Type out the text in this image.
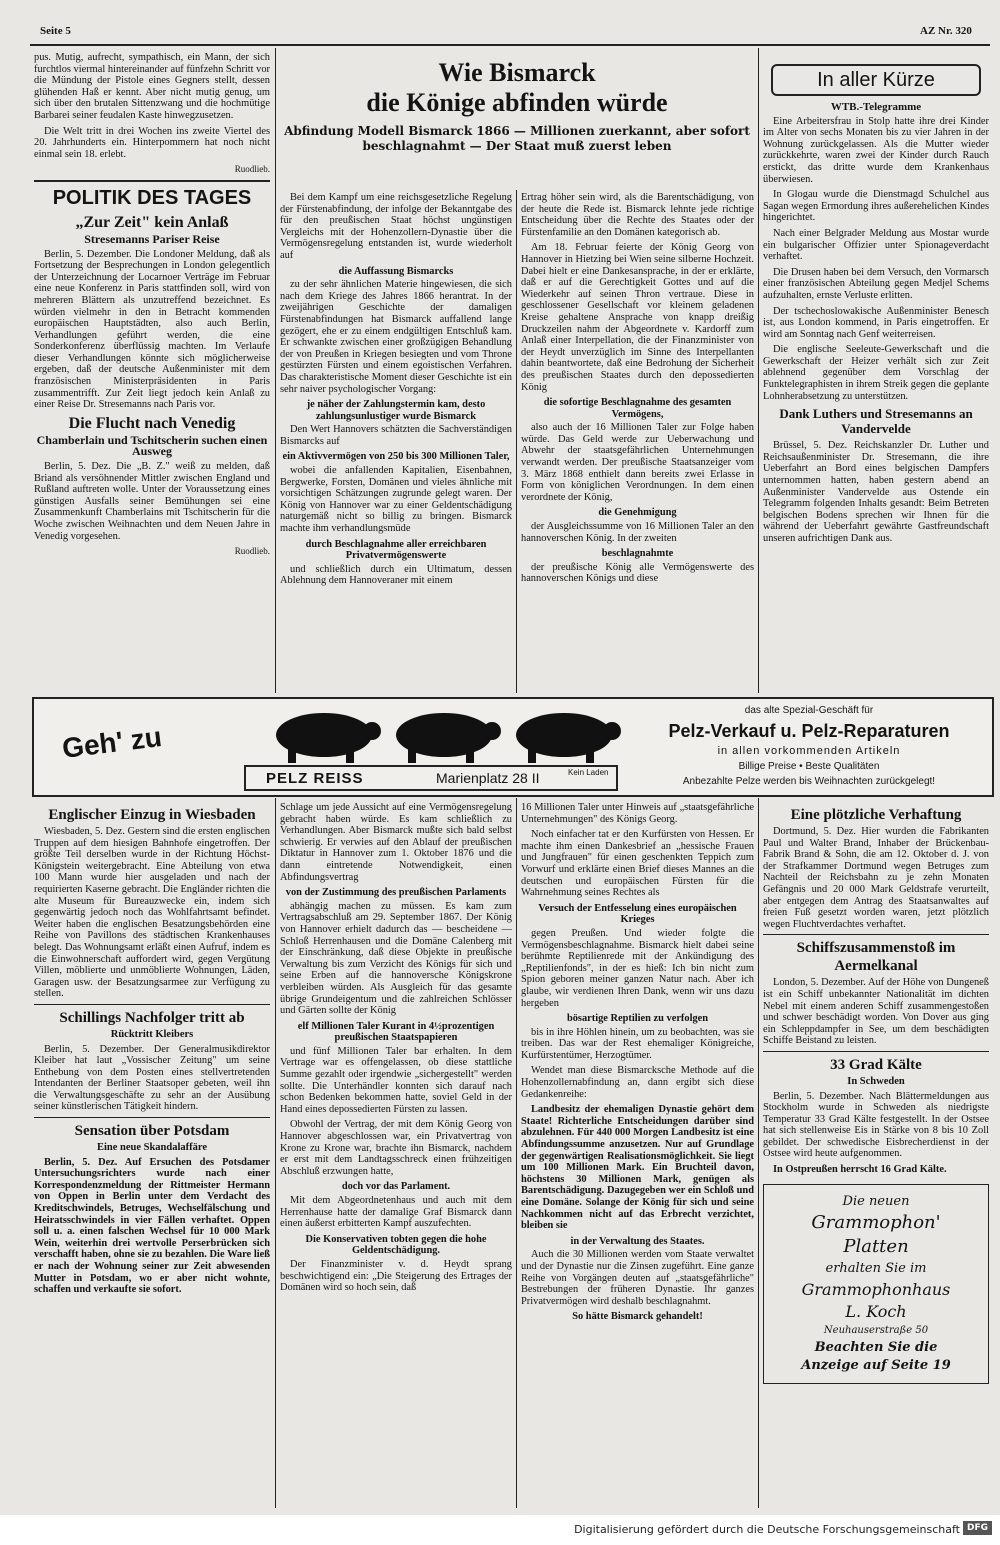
Seite 5	AZ Nr. 320

pus. Mutig, aufrecht, sympathisch, ein Mann, der sich furchtlos viermal hintereinander auf fünfzehn Schritt vor die Mündung der Pistole eines Gegners stellt, dessen glühenden Haß er kennt. Aber nicht mutig genug, um sich über den brutalen Sittenzwang und die hochmütige Barbarei seiner feudalen Kaste hinwegzusetzen.

Die Welt tritt in drei Wochen ins zweite Viertel des 20. Jahrhunderts ein. Hinterpommern hat noch nicht einmal sein 18. erlebt.

Ruodlieb.
POLITIK DES TAGES
„Zur Zeit" kein Anlaß
Stresemanns Pariser Reise

Berlin, 5. Dezember. Die Londoner Meldung, daß als Fortsetzung der Besprechungen in London gelegentlich der Unterzeichnung der Locarnoer Verträge im Februar eine neue Konferenz in Paris stattfinden soll, wird von mehreren Blättern als unzutreffend bezeichnet. Es würden vielmehr in den in Betracht kommenden europäischen Hauptstädten, also auch Berlin, Verhandlungen geführt werden, die eine Sonderkonferenz überflüssig machten. Im Verlaufe dieser Verhandlungen könnte sich möglicherweise ergeben, daß der deutsche Außenminister mit dem französischen Ministerpräsidenten in Paris zusammentrifft. Zur Zeit liegt jedoch kein Anlaß zu einer Reise Dr. Stresemanns nach Paris vor.

Die Flucht nach Venedig
Chamberlain und Tschitscherin suchen einen Ausweg

Berlin, 5. Dez. Die „B. Z." weiß zu melden, daß Briand als versöhnender Mittler zwischen England und Rußland auftreten wolle. Unter der Voraussetzung eines günstigen Ausfalls seiner Bemühungen sei eine Zusammenkunft Chamberlains mit Tschitscherin für die Woche zwischen Weihnachten und dem Neuen Jahre in Venedig vorgesehen.

Ruodlieb.
Wie Bismarck
die Könige abfinden würde
Abfindung Modell Bismarck 1866 — Millionen zuerkannt, aber sofort beschlagnahmt — Der Staat muß zuerst leben

Bei dem Kampf um eine reichsgesetzliche Regelung der Fürstenabfindung, der infolge der Bekanntgabe des für den preußischen Staat höchst ungünstigen Vergleichs mit der Hohenzollern-Dynastie über die Vermögensregelung entstanden ist, wurde wiederholt auf

die Auffassung Bismarcks

zu der sehr ähnlichen Materie hingewiesen, die sich nach dem Kriege des Jahres 1866 herantrat. In der zweijährigen Geschichte der damaligen Fürstenabfindungen hat Bismarck auffallend lange gezögert, ehe er zu einem endgültigen Entschluß kam. Er schwankte zwischen einer großzügigen Behandlung der von Preußen in Kriegen besiegten und vom Throne gestürzten Fürsten und einem egoistischen Verfahren. Das charakteristische Moment dieser Geschichte ist ein sehr naiver psychologischer Vorgang:

je näher der Zahlungstermin kam, desto zahlungsunlustiger wurde Bismarck

Den Wert Hannovers schätzten die Sachverständigen Bismarcks auf

ein Aktivvermögen von 250 bis 300 Millionen Taler,

wobei die anfallenden Kapitalien, Eisenbahnen, Bergwerke, Forsten, Domänen und vieles ähnliche mit vorsichtigen Schätzungen zugrunde gelegt waren. Der König von Hannover war zu einer Geldentschädigung naturgemäß nicht so billig zu bringen. Bismarck machte ihm verhandlungsmüde

durch Beschlagnahme aller erreichbaren Privatvermögenswerte

und schließlich durch ein Ultimatum, dessen Ablehnung dem Hannoveraner mit einem

Ertrag höher sein wird, als die Barentschädigung, von der heute die Rede ist. Bismarck lehnte jede richtige Entscheidung über die Rechte des Staates oder der Fürstenfamilie an den Domänen kategorisch ab.

Am 18. Februar feierte der König Georg von Hannover in Hietzing bei Wien seine silberne Hochzeit. Dabei hielt er eine Dankesansprache, in der er erklärte, daß er auf die Gerechtigkeit Gottes und auf die Wiederkehr auf seinen Thron vertraue. Diese in geschlossener Gesellschaft vor kleinem geladenen Kreise gehaltene Ansprache von knapp dreißig Druckzeilen nahm der Abgeordnete v. Kardorff zum Anlaß einer Interpellation, die der Finanzminister von der Heydt unverzüglich im Sinne des Interpellanten dahin beantwortete, daß eine Bedrohung der Sicherheit des preußischen Staates durch den depossedierten König

die sofortige Beschlagnahme des gesamten Vermögens,

also auch der 16 Millionen Taler zur Folge haben würde. Das Geld werde zur Ueberwachung und Abwehr der staatsgefährlichen Unternehmungen verwandt werden. Der preußische Staatsanzeiger vom 3. März 1868 enthielt dann bereits zwei Erlasse in Form von königlichen Verordnungen. In dem einen verordnete der König,

die Genehmigung

der Ausgleichssumme von 16 Millionen Taler an den hannoverschen König. In der zweiten

beschlagnahmte

der preußische König alle Vermögenswerte des hannoverschen Königs und diese

In aller Kürze
WTB.-Telegramme

Eine Arbeitersfrau in Stolp hatte ihre drei Kinder im Alter von sechs Monaten bis zu vier Jahren in der Wohnung zurückgelassen. Als die Mutter wieder zurückkehrte, waren zwei der Kinder durch Rauch erstickt, das dritte wurde dem Krankenhaus überwiesen.

In Glogau wurde die Dienstmagd Schulchel aus Sagan wegen Ermordung ihres außerehelichen Kindes hingerichtet.

Nach einer Belgrader Meldung aus Mostar wurde ein bulgarischer Offizier unter Spionageverdacht verhaftet.

Die Drusen haben bei dem Versuch, den Vormarsch einer französischen Abteilung gegen Medjel Schems aufzuhalten, ernste Verluste erlitten.

Der tschechoslowakische Außenminister Benesch ist, aus London kommend, in Paris eingetroffen. Er wird am Sonntag nach Genf weiterreisen.

Die englische Seeleute-Gewerkschaft und die Gewerkschaft der Heizer verhält sich zur Zeit ablehnend gegenüber dem Vorschlag der Funktelegraphisten in ihrem Streik gegen die geplante Lohnherabsetzung zu unterstützen.

Dank Luthers und Stresemanns an Vandervelde

Brüssel, 5. Dez. Reichskanzler Dr. Luther und Reichsaußenminister Dr. Stresemann, die ihre Ueberfahrt an Bord eines belgischen Dampfers unternommen hatten, haben gestern abend an Außenminister Vandervelde aus Ostende ein Telegramm folgenden Inhalts gesandt: Beim Betreten belgischen Bodens sprechen wir Ihnen für die während der Ueberfahrt gewährte Gastfreundschaft unseren aufrichtigen Dank aus.

Geh' zu
PELZ REISS	Marienplatz 28 II	Kein Laden
das alte Spezial-Geschäft für
Pelz-Verkauf u. Pelz-Reparaturen
in allen vorkommenden Artikeln
Billige Preise • Beste Qualitäten
Anbezahlte Pelze werden bis Weihnachten zurückgelegt!
Englischer Einzug in Wiesbaden

Wiesbaden, 5. Dez. Gestern sind die ersten englischen Truppen auf dem hiesigen Bahnhofe eingetroffen. Der größte Teil derselben wurde in der Richtung Höchst-Königstein weitergebracht. Eine Abteilung von etwa 100 Mann wurde hier ausgeladen und nach der requirierten Kaserne gebracht. Die Engländer richten die alte Museum für Bureauzwecke ein, indem sich gegenwärtig jedoch noch das Wohlfahrtsamt befindet. Weiter haben die englischen Besatzungsbehörden eine Reihe von Pavillons des städtischen Krankenhauses belegt. Das Wohnungsamt erläßt einen Aufruf, indem es die Einwohnerschaft auffordert wird, gegen Vergütung Villen, möblierte und unmöblierte Wohnungen, Läden, Garagen usw. der Besatzungsarmee zur Verfügung zu stellen.

Schillings Nachfolger tritt ab
Rücktritt Kleibers

Berlin, 5. Dezember. Der Generalmusikdirektor Kleiber hat laut „Vossischer Zeitung" um seine Enthebung von dem Posten eines stellvertretenden Intendanten der Berliner Staatsoper gebeten, weil ihn die Verwaltungsgeschäfte zu sehr an der Ausübung seiner künstlerischen Tätigkeit hindern.

Sensation über Potsdam
Eine neue Skandalaffäre

Berlin, 5. Dez. Auf Ersuchen des Potsdamer Untersuchungsrichters wurde nach einer Korrespondenzmeldung der Rittmeister Hermann von Oppen in Berlin unter dem Verdacht des Kreditschwindels, Betruges, Wechselfälschung und Heiratsschwindels in vier Fällen verhaftet. Oppen soll u. a. einen falschen Wechsel für 10 000 Mark Wein, weiterhin drei wertvolle Perserbrücken sich verschafft haben, ohne sie zu bezahlen. Die Ware ließ er nach der Wohnung seiner zur Zeit abwesenden Mutter in Potsdam, wo er aber nicht wohnte, schaffen und verkaufte sie sofort.

Schlage um jede Aussicht auf eine Vermögensregelung gebracht haben würde. Es kam schließlich zu Verhandlungen. Aber Bismarck mußte sich bald selbst schwierig. Er verwies auf den Ablauf der preußischen Diktatur in Hannover zum 1. Oktober 1876 und die dann eintretende Notwendigkeit, einen Abfindungsvertrag

von der Zustimmung des preußischen Parlaments

abhängig machen zu müssen. Es kam zum Vertragsabschluß am 29. September 1867. Der König von Hannover erhielt dadurch das — bescheidene — Schloß Herrenhausen und die Domäne Calenberg mit der Einschränkung, daß diese Objekte in preußische Verwaltung bis zum Verzicht des Königs für sich und seine Erben auf die hannoversche Königskrone verbleiben würden. Als Ausgleich für das gesamte übrige Grundeigentum und die zahlreichen Schlösser und Gärten sollte der König

elf Millionen Taler Kurant in 4½prozentigen preußischen Staatspapieren

und fünf Millionen Taler bar erhalten. In dem Vertrage war es offengelassen, ob diese stattliche Summe gezahlt oder irgendwie „sichergestellt" werden sollte. Die Unterhändler konnten sich darauf nach schon Bedenken bekommen hatte, soviel Geld in der Hand eines depossedierten Fürsten zu lassen.

Obwohl der Vertrag, der mit dem König Georg von Hannover abgeschlossen war, ein Privatvertrag von Krone zu Krone war, brachte ihn Bismarck, nachdem er erst mit dem Landtagsschreck einen frühzeitigen Abschluß erzwungen hatte,

doch vor das Parlament.

Mit dem Abgeordnetenhaus und auch mit dem Herrenhause hatte der damalige Graf Bismarck dann einen äußerst erbitterten Kampf auszufechten.

Die Konservativen tobten gegen die hohe Geldentschädigung.

Der Finanzminister v. d. Heydt sprang beschwichtigend ein: „Die Steigerung des Ertrages der Domänen wird so hoch sein, daß

16 Millionen Taler unter Hinweis auf „staatsgefährliche Unternehmungen" des Königs Georg.

Noch einfacher tat er den Kurfürsten von Hessen. Er machte ihm einen Dankesbrief an „hessische Frauen und Jungfrauen" für einen geschenkten Teppich zum Vorwurf und erklärte einen Brief dieses Mannes an die deutschen und europäischen Fürsten für die Wahrnehmung seines Rechtes als

Versuch der Entfesselung eines europäischen Krieges

gegen Preußen. Und wieder folgte die Vermögensbeschlagnahme. Bismarck hielt dabei seine berühmte Reptilienrede mit der Ankündigung des „Reptilienfonds", in der es hieß: Ich bin nicht zum Spion geboren meiner ganzen Natur nach. Aber ich glaube, wir verdienen Ihren Dank, wenn wir uns dazu hergeben

bösartige Reptilien zu verfolgen

bis in ihre Höhlen hinein, um zu beobachten, was sie treiben. Das war der Rest ehemaliger Königreiche, Kurfürstentümer, Herzogtümer.

Wendet man diese Bismarcksche Methode auf die Hohenzollernabfindung an, dann ergibt sich diese Gedankenreihe:

Landbesitz der ehemaligen Dynastie gehört dem Staate! Richterliche Entscheidungen darüber sind abzulehnen. Für 440 000 Morgen Landbesitz ist eine Abfindungssumme anzusetzen. Nur auf Grundlage der gegenwärtigen Realisationsmöglichkeit. Sie liegt um 100 Millionen Mark. Ein Bruchteil davon, höchstens 30 Millionen Mark, genügen als Barentschädigung. Dazugegeben wer ein Schloß und eine Domäne. Solange der König für sich und seine Nachkommen nicht auf das Erbrecht verzichtet, bleiben sie

in der Verwaltung des Staates.

Auch die 30 Millionen werden vom Staate verwaltet und der Dynastie nur die Zinsen zugeführt. Eine ganze Reihe von Vorgängen deuten auf „staatsgefährliche" Bestrebungen der früheren Dynastie. Ihr ganzes Privatvermögen wird deshalb beschlagnahmt.

So hätte Bismarck gehandelt!
Eine plötzliche Verhaftung

Dortmund, 5. Dez. Hier wurden die Fabrikanten Paul und Walter Brand, Inhaber der Brückenbau-Fabrik Brand & Sohn, die am 12. Oktober d. J. von der Strafkammer Dortmund wegen Betruges zum Nachteil der Reichsbahn zu je zehn Monaten Gefängnis und 20 000 Mark Geldstrafe verurteilt, aber entgegen dem Antrag des Staatsanwaltes auf freien Fuß gesetzt worden waren, jetzt plötzlich wegen Fluchtverdachtes verhaftet.

Schiffszusammenstoß im Aermelkanal

London, 5. Dezember. Auf der Höhe von Dungeneß ist ein Schiff unbekannter Nationalität im dichten Nebel mit einem anderen Schiff zusammengestoßen und schwer beschädigt worden. Von Dover aus ging ein Schleppdampfer in See, um dem beschädigten Schiffe Beistand zu leisten.

33 Grad Kälte
In Schweden

Berlin, 5. Dezember. Nach Blättermeldungen aus Stockholm wurde in Schweden als niedrigste Temperatur 33 Grad Kälte festgestellt. In der Ostsee hat sich stellenweise Eis in Stärke von 8 bis 10 Zoll gebildet. Der schwedische Eisbrecherdienst in der Ostsee wird heute aufgenommen.

In Ostpreußen herrscht 16 Grad Kälte.

Die neuen
Grammophon'
Platten
erhalten Sie im
Grammophonhaus
L. Koch
Neuhauserstraße 50
Beachten Sie die
Anzeige auf Seite 19
Digitalisierung gefördert durch die Deutsche Forschungsgemeinschaft DFG
